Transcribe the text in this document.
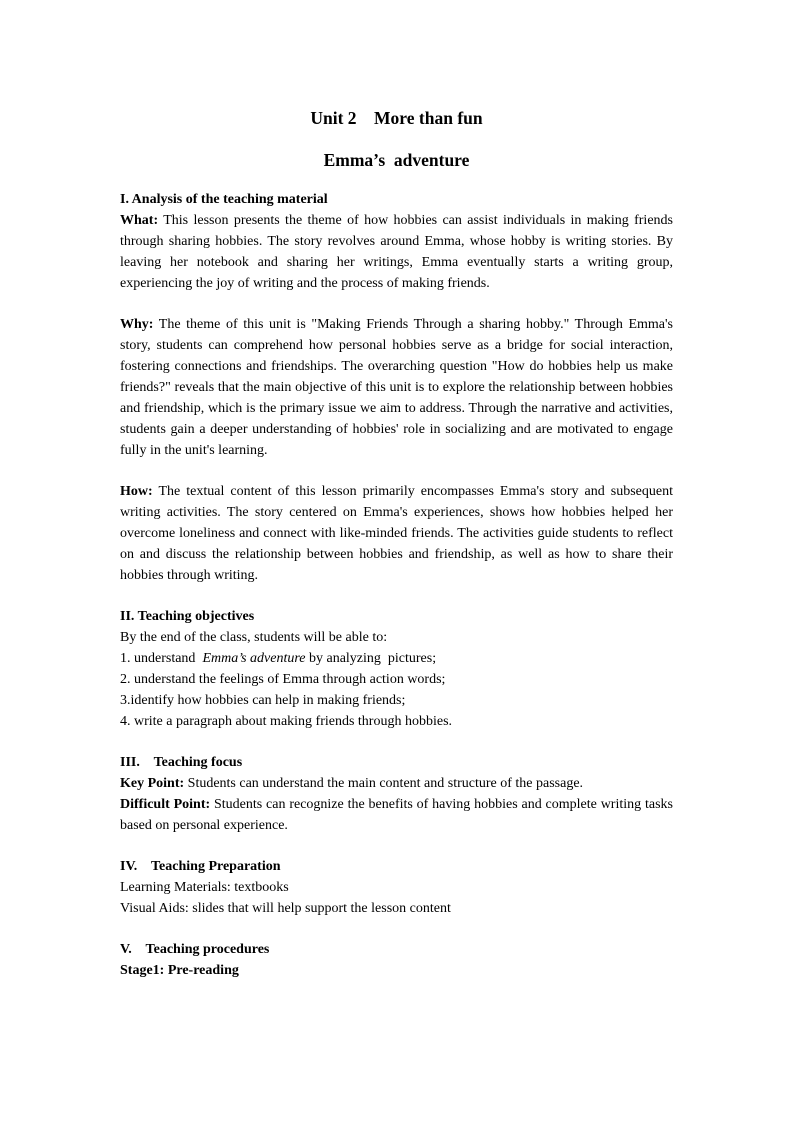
Unit 2    More than fun
Emma’s  adventure
I. Analysis of the teaching material

What: This lesson presents the theme of how hobbies can assist individuals in making friends through sharing hobbies. The story revolves around Emma, whose hobby is writing stories. By leaving her notebook and sharing her writings, Emma eventually starts a writing group, experiencing the joy of writing and the process of making friends.

Why: The theme of this unit is "Making Friends Through a sharing hobby." Through Emma's story, students can comprehend how personal hobbies serve as a bridge for social interaction, fostering connections and friendships. The overarching question "How do hobbies help us make friends?" reveals that the main objective of this unit is to explore the relationship between hobbies and friendship, which is the primary issue we aim to address. Through the narrative and activities, students gain a deeper understanding of hobbies' role in socializing and are motivated to engage fully in the unit's learning.

How: The textual content of this lesson primarily encompasses Emma's story and subsequent writing activities. The story centered on Emma's experiences, shows how hobbies helped her overcome loneliness and connect with like-minded friends. The activities guide students to reflect on and discuss the relationship between hobbies and friendship, as well as how to share their hobbies through writing.

II. Teaching objectives
By the end of the class, students will be able to:
1. understand  Emma’s adventure by analyzing  pictures;
2. understand the feelings of Emma through action words;
3.identify how hobbies can help in making friends;
4. write a paragraph about making friends through hobbies.
III.    Teaching focus

Key Point: Students can understand the main content and structure of the passage.

Difficult Point: Students can recognize the benefits of having hobbies and complete writing tasks based on personal experience.

IV.    Teaching Preparation
Learning Materials: textbooks
Visual Aids: slides that will help support the lesson content
V.    Teaching procedures
Stage1: Pre-reading
